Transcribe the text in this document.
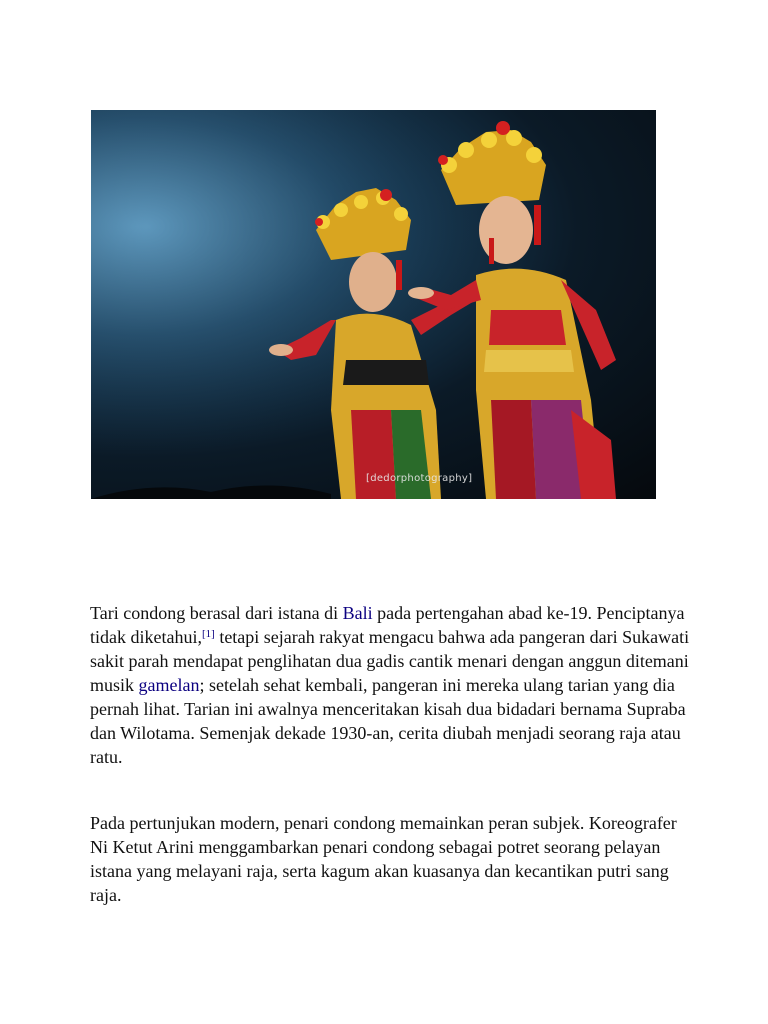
[dedorphotography]

Tari condong berasal dari istana di Bali pada pertengahan abad ke-19. Penciptanya tidak diketahui,[1] tetapi sejarah rakyat mengacu bahwa ada pangeran dari Sukawati sakit parah mendapat penglihatan dua gadis cantik menari dengan anggun ditemani musik gamelan; setelah sehat kembali, pangeran ini mereka ulang tarian yang dia pernah lihat. Tarian ini awalnya menceritakan kisah dua bidadari bernama Supraba dan Wilotama. Semenjak dekade 1930-an, cerita diubah menjadi seorang raja atau ratu.

Pada pertunjukan modern, penari condong memainkan peran subjek. Koreografer Ni Ketut Arini menggambarkan penari condong sebagai potret seorang pelayan istana yang melayani raja, serta kagum akan kuasanya dan kecantikan putri sang raja.
